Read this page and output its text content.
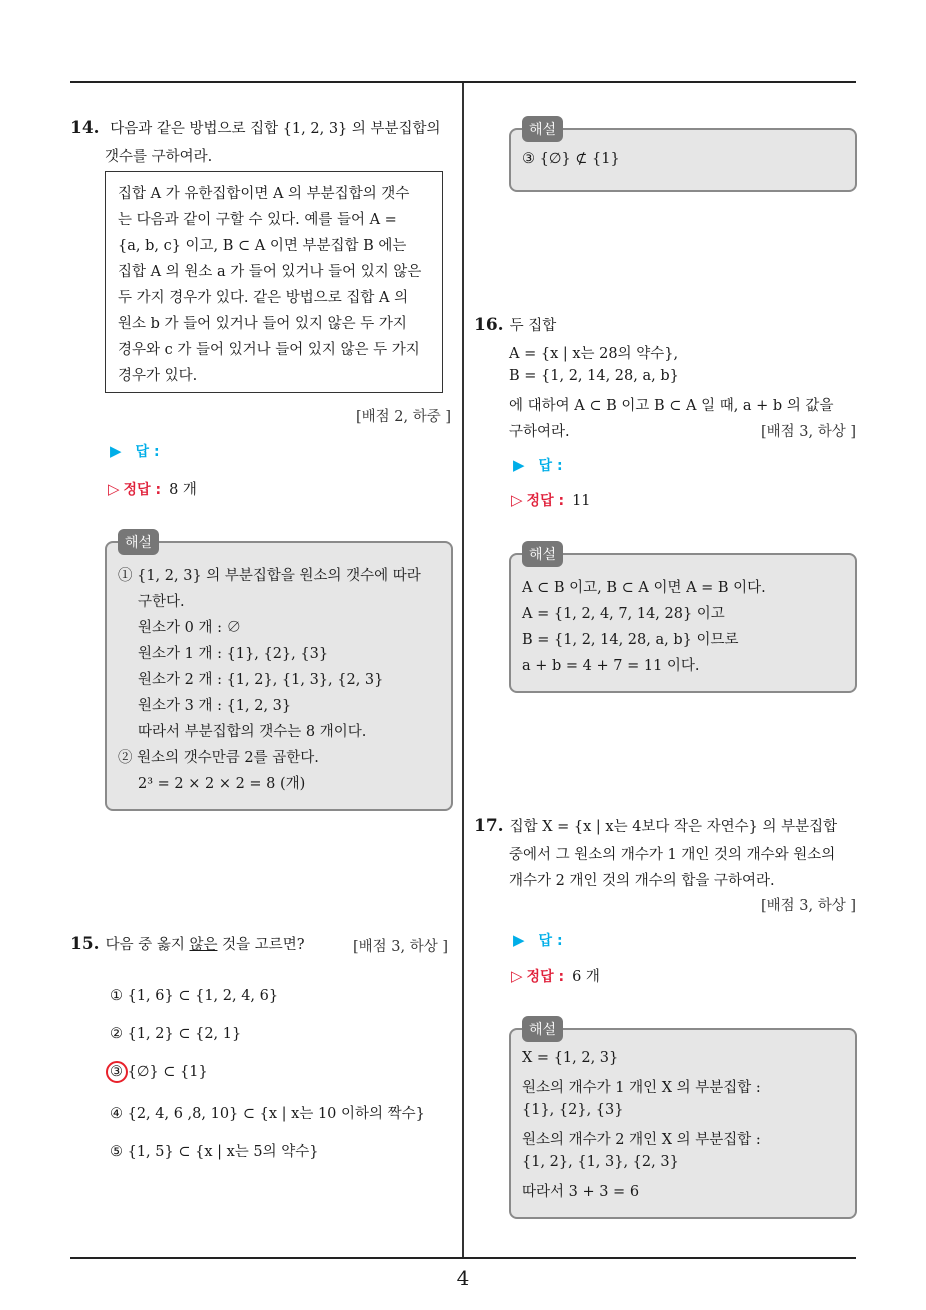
4
14. 다음과 같은 방법으로 집합 {1, 2, 3} 의 부분집합의
갯수를 구하여라.
집합 A 가 유한집합이면 A 의 부분집합의 갯수
는 다음과 같이 구할 수 있다. 예를 들어 A =
{a, b, c} 이고, B ⊂ A 이면 부분집합 B 에는
집합 A 의 원소 a 가 들어 있거나 들어 있지 않은
두 가지 경우가 있다. 같은 방법으로 집합 A 의
원소 b 가 들어 있거나 들어 있지 않은 두 가지
경우와 c 가 들어 있거나 들어 있지 않은 두 가지
경우가 있다.
[배점 2, 하중 ]
▶ 답 :
▷ 정답 : 8 개
해설
① {1, 2, 3} 의 부분집합을 원소의 갯수에 따라
구한다.
원소가 0 개 : ∅
원소가 1 개 : {1}, {2}, {3}
원소가 2 개 : {1, 2}, {1, 3}, {2, 3}
원소가 3 개 : {1, 2, 3}
따라서 부분집합의 갯수는 8 개이다.
② 원소의 갯수만큼 2를 곱한다.
2³ = 2 × 2 × 2 = 8 (개)
15. 다음 중 옳지 않은 것을 고르면?	[배점 3, 하상 ]
① {1, 6} ⊂ {1, 2, 4, 6}
② {1, 2} ⊂ {2, 1}
③ {∅} ⊂ {1}
④ {2, 4, 6 ,8, 10} ⊂ {x | x는 10 이하의 짝수}
⑤ {1, 5} ⊂ {x | x는 5의 약수}
해설
③ {∅} ⊄ {1}
16. 두 집합
A = {x | x는 28의 약수},
B = {1, 2, 14, 28, a, b}
에 대하여 A ⊂ B 이고 B ⊂ A 일 때, a + b 의 값을
구하여라.	[배점 3, 하상 ]
▶ 답 :
▷ 정답 : 11
해설
A ⊂ B 이고, B ⊂ A 이면 A = B 이다.
A = {1, 2, 4, 7, 14, 28} 이고
B = {1, 2, 14, 28, a, b} 이므로
a + b = 4 + 7 = 11 이다.
17. 집합 X = {x | x는 4보다 작은 자연수} 의 부분집합
중에서 그 원소의 개수가 1 개인 것의 개수와 원소의
개수가 2 개인 것의 개수의 합을 구하여라.
[배점 3, 하상 ]
▶ 답 :
▷ 정답 : 6 개
해설
X = {1, 2, 3}
원소의 개수가 1 개인 X 의 부분집합 :
{1}, {2}, {3}
원소의 개수가 2 개인 X 의 부분집합 :
{1, 2}, {1, 3}, {2, 3}
따라서 3 + 3 = 6
